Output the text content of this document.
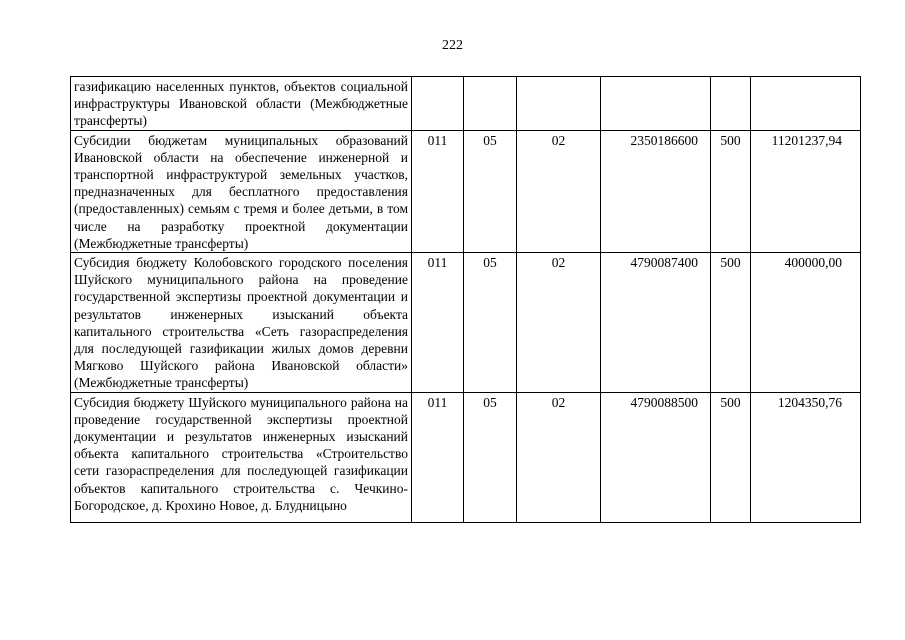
222
газификацию населенных пунктов, объектов социальной инфраструктуры Ивановской области (Межбюджетные трансферты)						
Субсидии бюджетам муниципальных образований Ивановской области на обеспечение инженерной и транспортной инфраструктурой земельных участков, предназначенных для бесплатного предоставления (предоставленных) семьям с тремя и более детьми, в том числе на разработку проектной документации (Межбюджетные трансферты)	011	05	02	2350186600	500	11201237,94
Субсидия бюджету Колобовского городского поселения Шуйского муниципального района на проведение государственной экспертизы проектной документации и результатов инженерных изысканий объекта капитального строительства «Сеть газораспределения для последующей газификации жилых домов деревни Мягково Шуйского района Ивановской области» (Межбюджетные трансферты)	011	05	02	4790087400	500	400000,00
Субсидия бюджету Шуйского муниципального района на проведение государственной экспертизы проектной документации и результатов инженерных изысканий объекта капитального строительства «Строительство сети газораспределения для последующей газификации объектов капитального строительства с. Чечкино-Богородское, д. Крохино Новое, д. Блудницыно	011	05	02	4790088500	500	1204350,76
